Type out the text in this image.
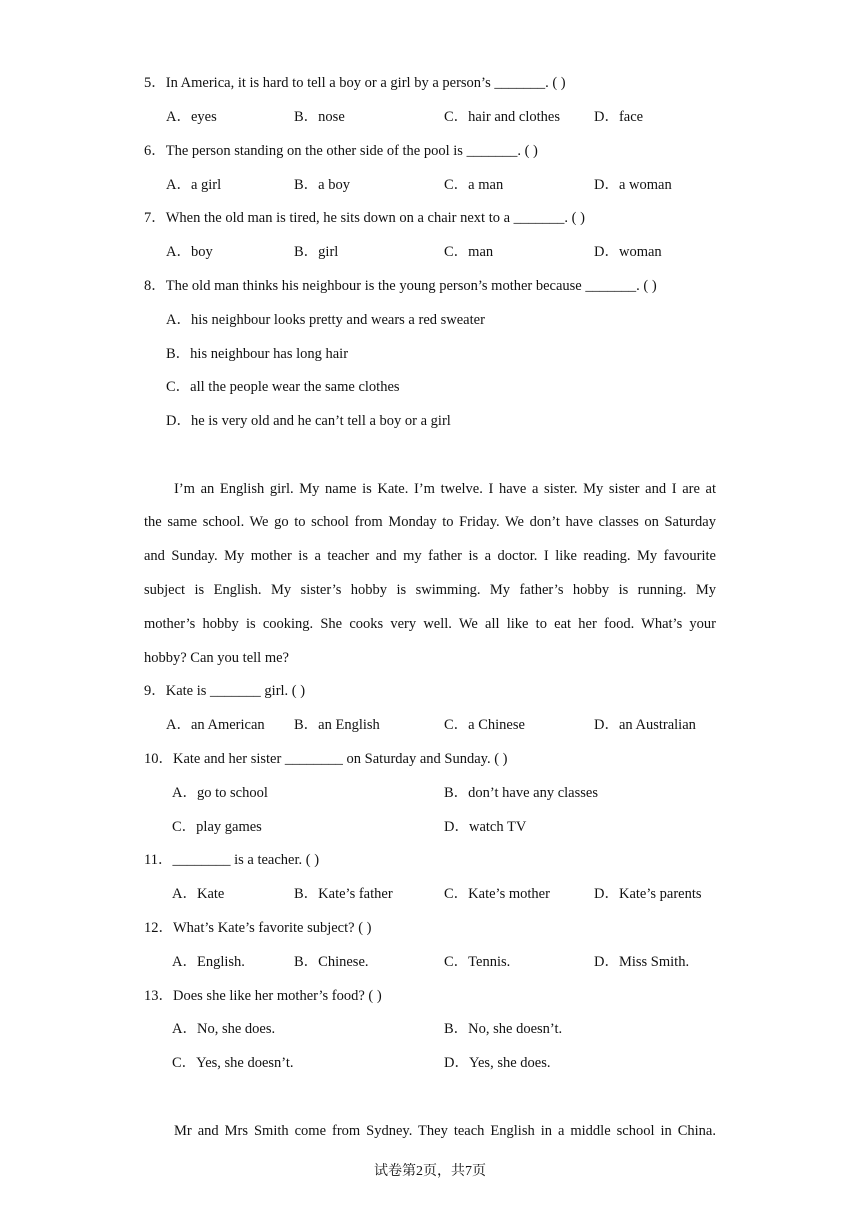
5．In America, it is hard to tell a boy or a girl by a person’s _______. ( )
A．eyes	B．nose	C．hair and clothes D．face
6．The person standing on the other side of the pool is _______. ( )
A．a girl	B．a boy	C．a man	D．a woman
7．When the old man is tired, he sits down on a chair next to a _______. ( )
A．boy	B．girl	C．man	D．woman
8．The old man thinks his neighbour is the young person’s mother because _______. ( )
A．his neighbour looks pretty and wears a red sweater
B．his neighbour has long hair
C．all the people wear the same clothes
D．he is very old and he can’t tell a boy or a girl
I’m an English girl. My name is Kate. I’m twelve. I have a sister. My sister and I are at
the same school. We go to school from Monday to Friday. We don’t have classes on Saturday
and Sunday. My mother is a teacher and my father is a doctor. I like reading. My favourite
subject is English. My sister’s hobby is swimming. My father’s hobby is running. My
mother’s hobby is cooking. She cooks very well. We all like to eat her food. What’s your
hobby? Can you tell me?
9．Kate is _______ girl. ( )
A．an American B．an English	C．a Chinese	D．an Australian
10．Kate and her sister ________ on Saturday and Sunday. ( )
A．go to school	B．don’t have any classes
C．play games	D．watch TV
11．________ is a teacher. ( )
A．Kate	B．Kate’s father	C．Kate’s mother	D．Kate’s parents
12．What’s Kate’s favorite subject? ( )
A．English.	B．Chinese.	C．Tennis.	D．Miss Smith.
13．Does she like her mother’s food? ( )
A．No, she does.	B．No, she doesn’t.
C．Yes, she doesn’t.	D．Yes, she does.
Mr and Mrs Smith come from Sydney. They teach English in a middle school in China.
试卷第2页，共7页
